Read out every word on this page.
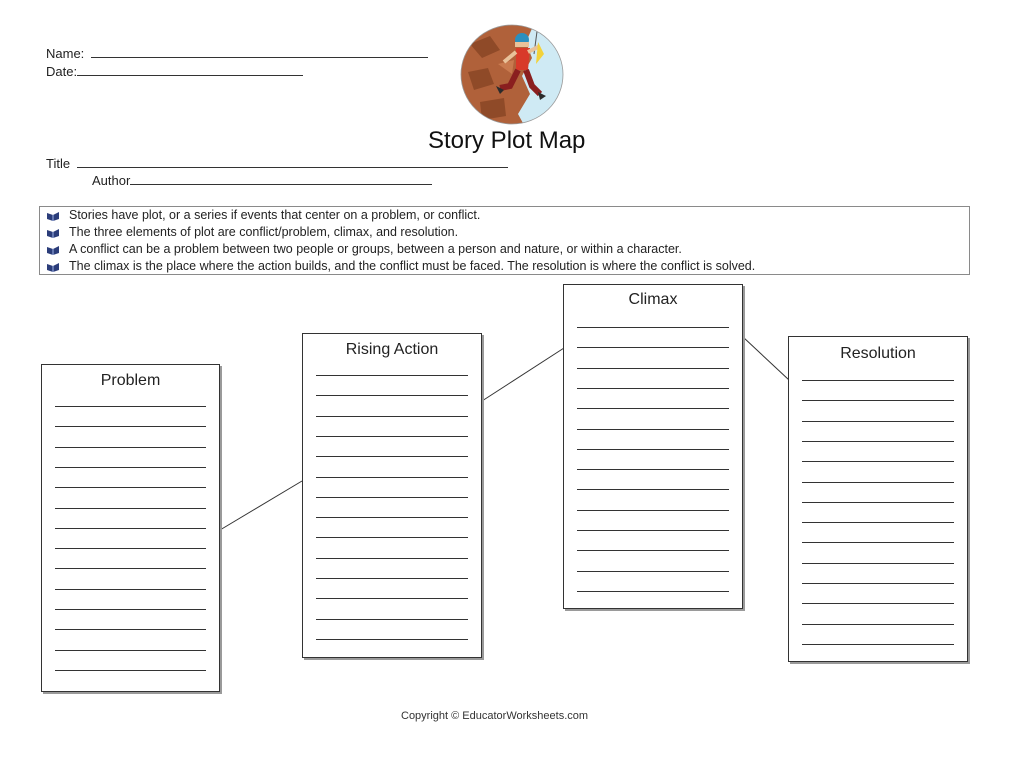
Name:
Date:
Story Plot Map
Title
Author
Stories have plot, or a series if events that center on a problem, or conflict.
The three elements of plot are conflict/problem, climax, and resolution.
A conflict can be a problem between two people or groups, between a person and nature, or within a character.
The climax is the place where the action builds, and the conflict must be faced. The resolution is where the conflict is solved.
Problem
Rising Action
Climax
Resolution
Copyright © EducatorWorksheets.com
